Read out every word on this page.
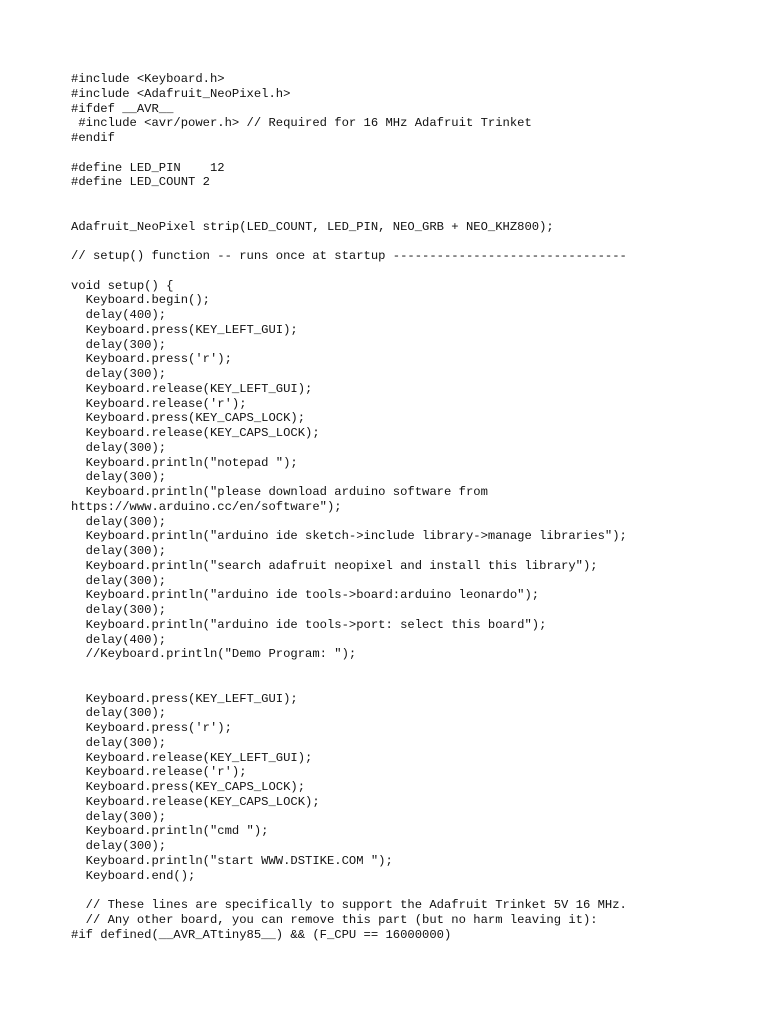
#include <Keyboard.h>
#include <Adafruit_NeoPixel.h>
#ifdef __AVR__
#include <avr/power.h> // Required for 16 MHz Adafruit Trinket
#endif
#define LED_PIN    12
#define LED_COUNT 2
Adafruit_NeoPixel strip(LED_COUNT, LED_PIN, NEO_GRB + NEO_KHZ800);
// setup() function -- runs once at startup --------------------------------
void setup() {
Keyboard.begin();
delay(400);
Keyboard.press(KEY_LEFT_GUI);
delay(300);
Keyboard.press('r');
delay(300);
Keyboard.release(KEY_LEFT_GUI);
Keyboard.release('r');
Keyboard.press(KEY_CAPS_LOCK);
Keyboard.release(KEY_CAPS_LOCK);
delay(300);
Keyboard.println("notepad ");
delay(300);
Keyboard.println("please download arduino software from
https://www.arduino.cc/en/software");
delay(300);
Keyboard.println("arduino ide sketch->include library->manage libraries");
delay(300);
Keyboard.println("search adafruit neopixel and install this library");
delay(300);
Keyboard.println("arduino ide tools->board:arduino leonardo");
delay(300);
Keyboard.println("arduino ide tools->port: select this board");
delay(400);
//Keyboard.println("Demo Program: ");
Keyboard.press(KEY_LEFT_GUI);
delay(300);
Keyboard.press('r');
delay(300);
Keyboard.release(KEY_LEFT_GUI);
Keyboard.release('r');
Keyboard.press(KEY_CAPS_LOCK);
Keyboard.release(KEY_CAPS_LOCK);
delay(300);
Keyboard.println("cmd ");
delay(300);
Keyboard.println("start WWW.DSTIKE.COM ");
Keyboard.end();
// These lines are specifically to support the Adafruit Trinket 5V 16 MHz.
// Any other board, you can remove this part (but no harm leaving it):
#if defined(__AVR_ATtiny85__) && (F_CPU == 16000000)
